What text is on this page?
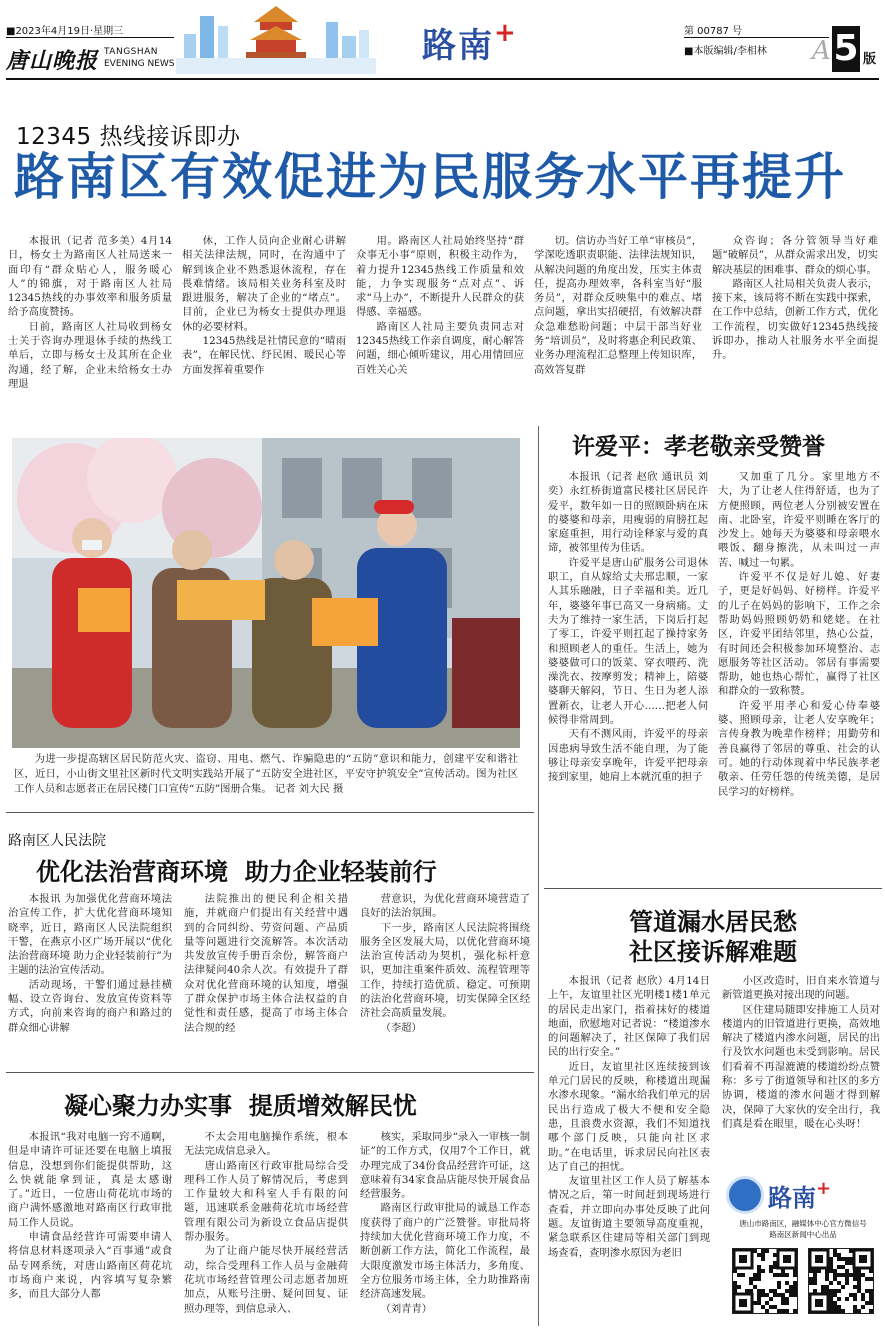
■2023年4月19日·星期三
唐山晚报 TANGSHAN
EVENING NEWS	路南+	第 00787 号
■本版编辑/李相林 A 5 版
12345 热线接诉即办
路南区有效促进为民服务水平再提升

本报讯（记者 范多美）4月14日，杨女士为路南区人社局送来一面印有“群众贴心人，服务暖心人”的锦旗，对于路南区人社局12345热线的办事效率和服务质量给予高度赞扬。

日前，路南区人社局收到杨女士关于咨询办理退休手续的热线工单后，立即与杨女士及其所在企业沟通，经了解，企业未给杨女士办理退

休，工作人员向企业耐心讲解相关法律法规，同时，在沟通中了解到该企业不熟悉退休流程，存在畏难情绪。该局相关业务科室及时跟进服务，解决了企业的“堵点”。目前，企业已为杨女士提供办理退休的必要材料。

12345热线是社情民意的“晴雨表”，在解民忧、纾民困、暖民心等方面发挥着重要作

用。路南区人社局始终坚持“群众事无小事”原则，积极主动作为，着力提升12345热线工作质量和效能，力争实现服务“点对点”、诉求“马上办”，不断提升人民群众的获得感、幸福感。

路南区人社局主要负责同志对12345热线工作亲自调度，耐心解答问题，细心倾听建议，用心用情回应百姓关心关

切。信访办当好工单“审核员”，学深吃透职责职能、法律法规知识，从解决问题的角度出发，压实主体责任，提高办理效率，各科室当好“服务员”，对群众反映集中的难点、堵点问题，拿出实招硬招，有效解决群众急难愁盼问题；中层干部当好业务“培训员”，及时将惠企利民政策、业务办理流程汇总整理上传知识库，高效答复群

众咨询；各分管领导当好难题“破解员”，从群众需求出发，切实解决基层的困难事、群众的烦心事。

路南区人社局相关负责人表示，接下来，该局将不断在实践中探索，在工作中总结，创新工作方式，优化工作流程，切实做好12345热线接诉即办，推动人社服务水平全面提升。

为进一步提高辖区居民防范火灾、盗窃、用电、燃气、诈骗隐患的“五防”意识和能力，创建平安和谐社区，近日，小山街文里社区新时代文明实践站开展了“五防安全进社区，平安守护筑安全”宣传活动。图为社区工作人员和志愿者正在居民楼门口宣传“五防”图册合集。 记者 刘大民 摄

许爱平：孝老敬亲受赞誉

本报讯（记者 赵欣 通讯员 刘奕）永红桥街道富民楼社区居民许爱平，数年如一日的照顾卧病在床的婆婆和母亲，用瘦弱的肩膀扛起家庭重担，用行动诠释家与爱的真谛，被邻里传为佳话。

许爱平是唐山矿服务公司退休职工，自从嫁给丈夫邢忠顺，一家人其乐融融，日子幸福和美。近几年，婆婆年事已高又一身病痛。丈夫为了维持一家生活，下岗后打起了零工，许爱平则扛起了操持家务和照顾老人的重任。生活上，她为婆婆做可口的饭菜、穿衣喂药、洗澡洗衣、按摩剪发；精神上，陪婆婆聊天解闷，节日、生日为老人添置新衣，让老人开心……把老人伺候得非常周到。

天有不测风雨，许爱平的母亲因患病导致生活不能自理，为了能够让母亲安享晚年，许爱平把母亲接到家里，她肩上本就沉重的担子

又加重了几分。家里地方不大，为了让老人住得舒适，也为了方便照顾，两位老人分别被安置在南、北卧室，许爱平则睡在客厅的沙发上。她每天为婆婆和母亲喂水喂饭、翻身擦洗，从未叫过一声苦、喊过一句累。

许爱平不仅是好儿媳、好妻子，更是好妈妈、好榜样。许爱平的儿子在妈妈的影响下，工作之余帮助妈妈照顾奶奶和姥姥。在社区，许爱平团结邻里，热心公益，有时间还会积极参加环境整治、志愿服务等社区活动。邻居有事需要帮助，她也热心帮忙，赢得了社区和群众的一致称赞。

许爱平用孝心和爱心侍奉婆婆、照顾母亲，让老人安享晚年；言传身教为晚辈作榜样；用勤劳和善良赢得了邻居的尊重、社会的认可。她的行动体现着中华民族孝老敬亲、任劳任怨的传统美德，是居民学习的好榜样。

路南区人民法院
优化法治营商环境  助力企业轻装前行

本报讯 为加强优化营商环境法治宣传工作，扩大优化营商环境知晓率，近日，路南区人民法院组织干警，在燕京小区广场开展以“优化法治营商环境 助力企业轻装前行”为主题的法治宣传活动。

活动现场，干警们通过悬挂横幅、设立咨询台、发放宣传资料等方式，向前来咨询的商户和路过的群众细心讲解

法院推出的便民利企相关措施，并就商户们提出有关经营中遇到的合同纠纷、劳资问题、产品质量等问题进行交流解答。本次活动共发放宣传手册百余份，解答商户法律疑问40余人次。有效提升了群众对优化营商环境的认知度，增强了群众保护市场主体合法权益的自觉性和责任感，提高了市场主体合法合规的经

营意识，为优化营商环境营造了良好的法治氛围。

下一步，路南区人民法院将围绕服务全区发展大局，以优化营商环境法治宣传活动为契机，强化标杆意识，更加注重案件质效、流程管理等工作，持续打造优质、稳定、可预期的法治化营商环境，切实保障全区经济社会高质量发展。

（李超）

管道漏水居民愁
社区接诉解难题

本报讯（记者 赵欣）4月14日上午，友谊里社区光明楼1楼1单元的居民走出家门，指着抹好的楼道地面，欣慰地对记者说：“楼道渗水的问题解决了，社区保障了我们居民的出行安全。”

近日，友谊里社区连续接到该单元门居民的反映，称楼道出现漏水渗水现象。“漏水给我们单元的居民出行造成了极大不便和安全隐患，且浪费水资源，我们不知道找哪个部门反映，只能向社区求助。”在电话里，诉求居民向社区表达了自己的担忧。

友谊里社区工作人员了解基本情况之后，第一时间赶到现场进行查看，并立即向办事处反映了此问题。友谊街道主要领导高度重视，紧急联系区住建局等相关部门到现场查看，查明渗水原因为老旧

小区改造时，旧自来水管道与新管道更换对接出现的问题。

区住建局随即安排施工人员对楼道内的旧管道进行更换，高效地解决了楼道内渗水问题，居民的出行及饮水问题也未受到影响。居民们看着不再湿漉漉的楼道纷纷点赞称：多亏了街道领导和社区的多方协调，楼道的渗水问题才得到解决，保障了大家伙的安全出行，我们真是看在眼里，暖在心头呀！

路南+
唐山市路南区，融媒体中心官方微信号
路南区新闻中心出品
凝心聚力办实事  提质增效解民忧

本报讯“我对电脑一窍不通啊，但是申请许可证还要在电脑上填报信息，没想到你们能提供帮助，这么快就能拿到证，真是太感谢了。”近日，一位唐山荷花坑市场的商户满怀感激地对路南区行政审批局工作人员说。

申请食品经营许可需要申请人将信息材料逐项录入“百事通”或食品专网系统，对唐山路南区荷花坑市场商户来说，内容填写复杂繁多，而且大部分人都

不太会用电脑操作系统，根本无法完成信息录入。

唐山路南区行政审批局综合受理科工作人员了解情况后，考虑到工作量较大和科室人手有限的问题，迅速联系金融荷花坑市场经营管理有限公司为新设立食品店提供帮办服务。

为了让商户能尽快开展经营活动，综合受理科工作人员与金融荷花坑市场经营管理公司志愿者加班加点，从账号注册、疑问回复、证照办理等，到信息录入、

核实，采取同步“录入一审核一制证”的工作方式，仅用7个工作日，就办理完成了34份食品经营许可证，这意味着有34家食品店能尽快开展食品经营服务。

路南区行政审批局的诚恳工作态度获得了商户的广泛赞誉。审批局将持续加大优化营商环境工作力度，不断创新工作方法，简化工作流程，最大限度激发市场主体活力，多角度、全方位服务市场主体，全力助推路南经济高速发展。

（刘青青）
